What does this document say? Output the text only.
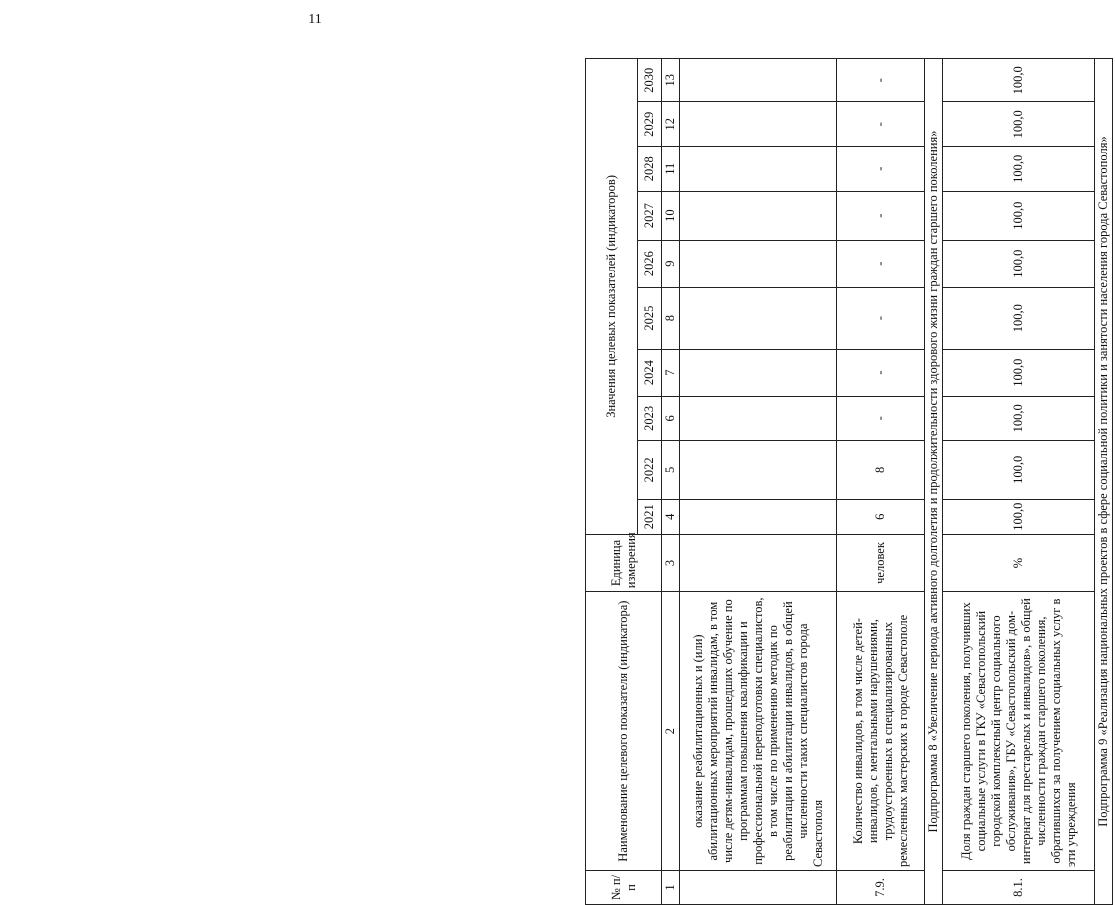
11
№ п/п	Наименование целевого показателя (индикатора)	Единица измерения	Значения целевых показателей (индикаторов)									
			2021	2022	2023	2024	2025	2026	2027	2028	2029	2030
1	2	3	4	5	6	7	8	9	10	11	12	13
	оказание реабилитационных и (или) абилитационных мероприятий инвалидам, в том числе детям-инвалидам, прошедших обучение по программам повышения квалификации и профессиональной переподготовки специалистов, в том числе по применению методик по реабилитации и абилитации инвалидов, в общей численности таких специалистов города Севастополя											
7.9.	Количество инвалидов, в том числе детей-инвалидов, с ментальными нарушениями, трудоустроенных в специализированных ремесленных мастерских в городе Севастополе	человек	6	8	-	-	-	-	-	-	-	-
Подпрограмма 8 «Увеличение периода активного долголетия и продолжительности здорового жизни граждан старшего поколения»												
8.1.	Доля граждан старшего поколения, получивших социальные услуги в ГКУ «Севастопольский городской комплексный центр социального обслуживания», ГБУ «Севастопольский дом-интернат для престарелых и инвалидов», в общей численности граждан старшего поколения, обратившихся за получением социальных услуг в эти учреждения	%	100,0	100,0	100,0	100,0	100,0	100,0	100,0	100,0	100,0	100,0
Подпрограмма 9 «Реализация национальных проектов в сфере социальной политики и занятости населения города Севастополя»												
